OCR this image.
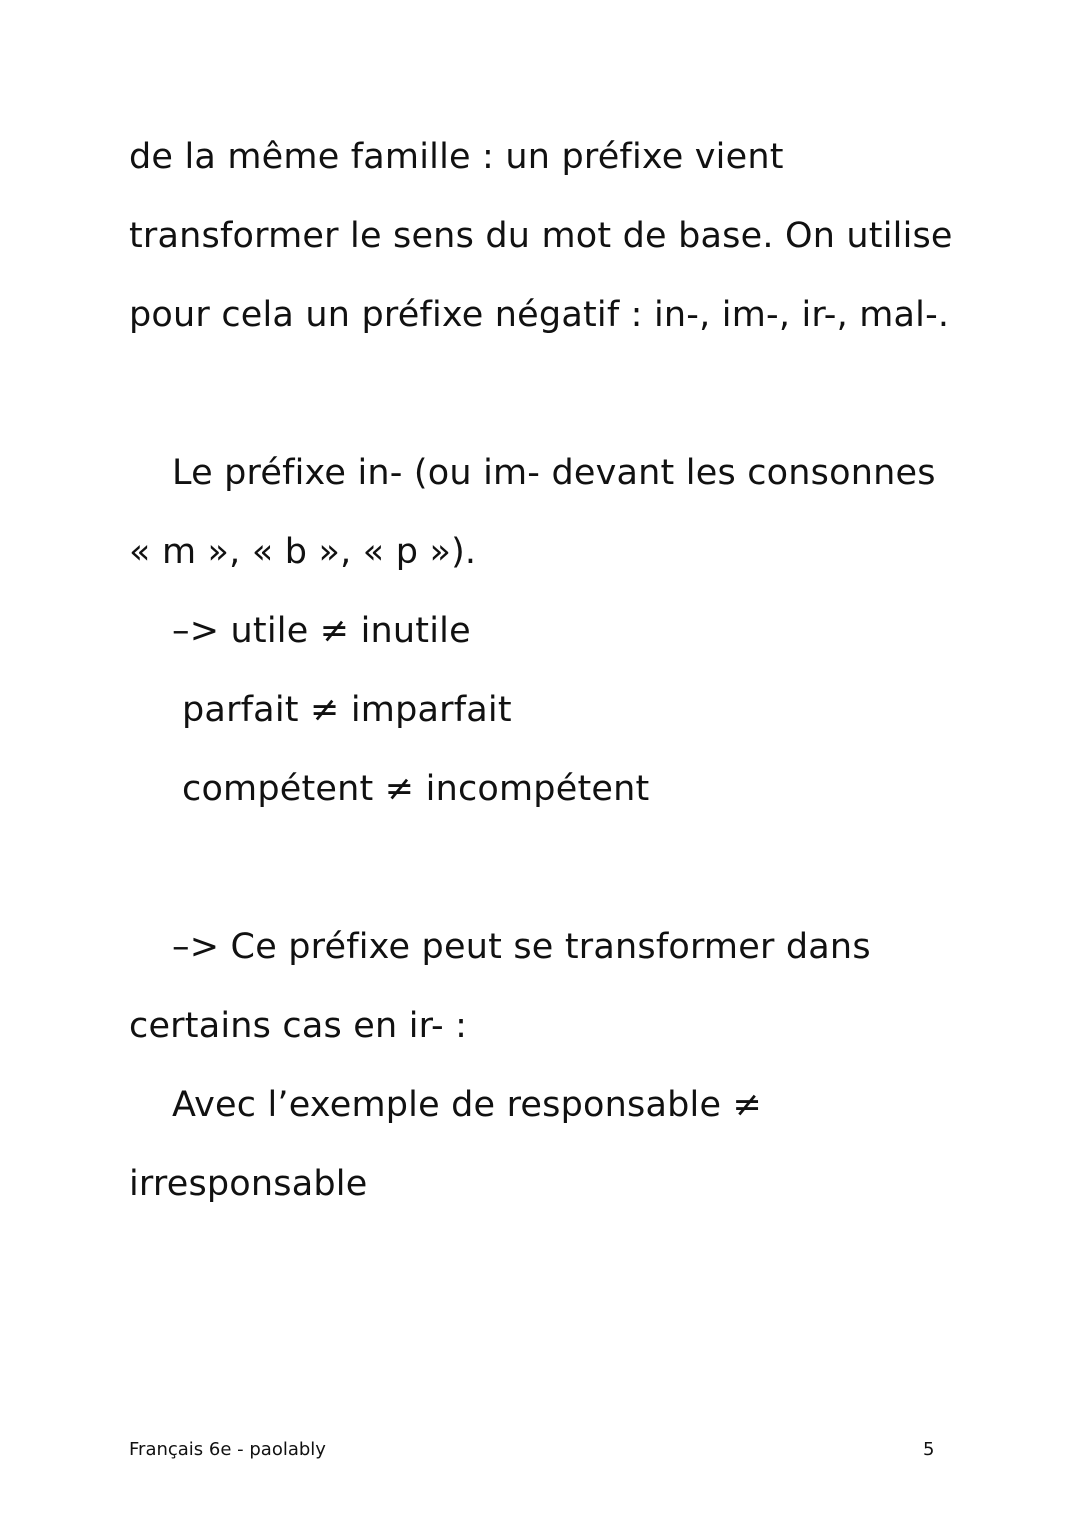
de la même famille : un préfixe vient
transformer le sens du mot de base. On utilise
pour cela un préfixe négatif : in-, im-, ir-, mal-.
Le préfixe in- (ou im- devant les consonnes
« m », « b », « p »).
–> utile ≠ inutile
parfait ≠ imparfait
compétent ≠ incompétent
–> Ce préfixe peut se transformer dans
certains cas en ir- :
Avec l’exemple de responsable ≠
irresponsable
Français 6e - paolably	5
